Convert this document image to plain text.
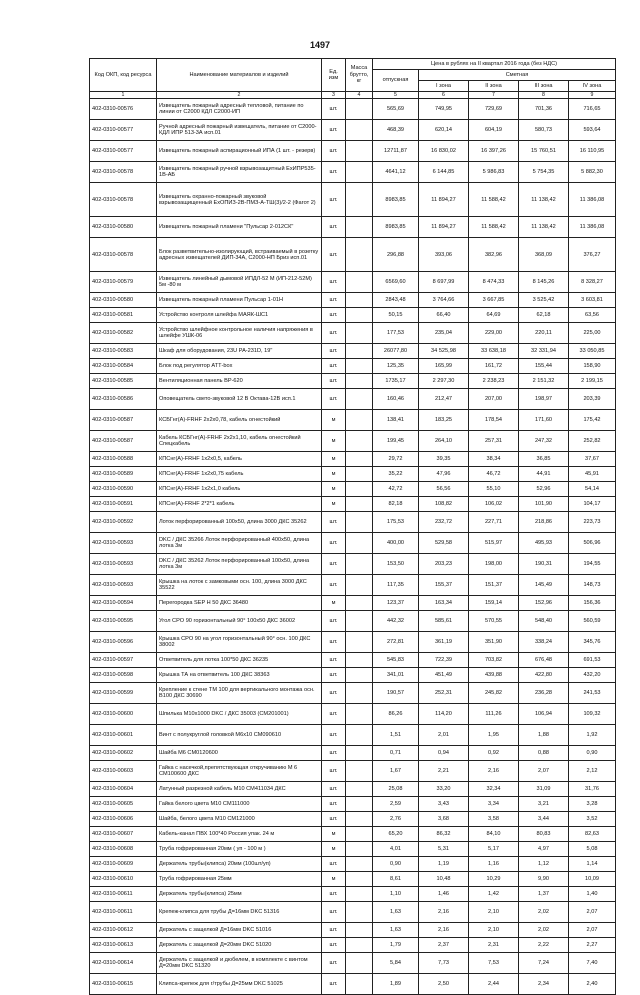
1497
Код ОКП, код ресурса	Наименование материалов и изделий	Ед. изм	Масса брутто, кг	Цена в рублях на II квартал 2016 года (без НДС)				
				отпускная	Сметная			
					I зона	II зона	III зона	IV зона
1	2	3	4	5	6	7	8	9
402-0310-00576	Извещатель пожарный адресный тепловой, питание по линии от С2000 КДЛ С2000-ИП	шт.		565,69	749,95	729,69	701,36	716,65
402-0310-00577	Ручной адресный пожарный извещатель, питание от С2000-КДЛ ИПР 513-3А исп.01	шт.		468,39	620,14	604,19	580,73	593,64
402-0310-00577	Извещатель пожарный аспирационный ИПА (1 шт. - резерв)	шт.		12711,87	16 830,02	16 397,26	15 760,51	16 110,95
402-0310-00578	Извещатель пожарный ручной взрывозащитный ЕхИПР535-1В-АБ	шт.		4641,12	6 144,85	5 986,83	5 754,35	5 882,30
402-0310-00578	Извещатель охранно-пожарный звуковой взрывозащищенный ЕхОПИЗ-2В-ПМЗ-А-ТШ(3)/2-2 (Фагот 2)	шт.		8983,85	11 894,27	11 588,42	11 138,42	11 386,08
402-0310-00580	Извещатель пожарный пламени "Пульсар 2-012СК"	шт.		8983,85	11 894,27	11 588,42	11 138,42	11 386,08
402-0310-00578	Блок разветвительно-изолирующий, встраиваемый в розетку адресных извещателей ДИП-34А, С2000-НП Бриз исп.01	шт.		296,88	393,06	382,96	368,09	376,27
402-0310-00579	Извещатель линейный дымовой ИПДЛ-52 М (ИП-212-52М) 5м -80 м	шт.		6569,60	8 697,99	8 474,33	8 145,26	8 328,27
402-0310-00580	Извещатель пожарный пламени Пульсар 1-01Н	шт.		2843,48	3 764,66	3 667,85	3 525,42	3 603,81
402-0310-00581	Устройство контроля шлейфа МАЯК-ШС1	шт.		50,15	66,40	64,69	62,18	63,56
402-0310-00582	Устройство шлейфное контрольное наличия напряжения в шлейфе УШК-06	шт.		177,53	235,04	229,00	220,11	225,00
402-0310-00583	Шкаф для оборудования, 23U РА-231D, 19"	шт.		26077,80	34 525,98	33 638,18	32 331,94	33 050,85
402-0310-00584	Блок под регулятор АТТ-box	шт.		125,35	165,99	161,72	155,44	158,90
402-0310-00585	Вентиляционная панель ВР-620	шт.		1735,17	2 297,30	2 238,23	2 151,32	2 199,15
402-0310-00586	Оповещатель свето-звуковой 12 В Октава-12В исп.1	шт.		160,46	212,47	207,00	198,97	203,39
402-0310-00587	КСБГнг(А)-FRHF 2х2х0,78, кабель огнестойкий	м		138,41	183,25	178,54	171,60	175,42
402-0310-00587	Кабель КСБГнг(А)-FRHF 2х2х1,10, кабель огнестойкий Спецкабель	м		199,45	264,10	257,31	247,32	252,82
402-0310-00588	КПСнг(А)-FRHF 1х2х0,5, кабель	м		29,72	39,35	38,34	36,85	37,67
402-0310-00589	КПСнг(А)-FRHF 1х2х0,75 кабель	м		35,22	47,96	46,72	44,91	45,91
402-0310-00590	КПСнг(А)-FRHF 1х2х1,0 кабель	м		42,72	56,56	55,10	52,96	54,14
402-0310-00591	КПСнг(А)-FRHF 2*2*1 кабель	м		82,18	108,82	106,02	101,90	104,17
402-0310-00592	Лоток перфорированный 100х50, длина 3000 ДКС 35262	шт.		175,53	232,72	227,71	218,86	223,73
402-0310-00593	DKC / ДКС 35266 Лоток перфорированный 400х50, длина лотка 3м	шт.		400,00	529,58	515,97	495,93	506,96
402-0310-00593	DKC / ДКС 35262 Лоток перфорированный 100х50, длина лотка 3м	шт.		153,50	203,23	198,00	190,31	194,55
402-0310-00593	Крышка на лоток с замковыми осн. 100, длина 3000 ДКС 35522	шт.		117,35	155,37	151,37	145,49	148,73
402-0310-00594	Перегородка SEP Н 50 ДКС 36480	м		123,37	163,34	159,14	152,96	156,36
402-0310-00595	Угол CPO 90 горизонтальный 90° 100х50 ДКС 36002	шт.		442,32	585,61	570,55	548,40	560,59
402-0310-00596	Крышка CPO 90 на угол горизонтальный 90° осн. 100 ДКС 38002	шт.		272,81	361,19	351,90	338,24	345,76
402-0310-00597	Ответвитель для лотка 100*50 ДКС 36235	шт.		545,83	722,39	703,82	676,48	691,53
402-0310-00598	Крышка ТА на ответвитель 100 ДКС 38363	шт.		341,01	451,49	439,88	422,80	432,20
402-0310-00599	Крепление к стене ТМ 100 для вертикального монтажа осн. В100 ДКС 30690	шт.		190,57	252,31	245,82	236,28	241,53
402-0310-00600	Шпилька М10х1000 DKC / ДКС 35003 (CM201001)	шт.		86,26	114,20	111,26	106,94	109,32
402-0310-00601	Винт с полукруглой головкой М6х10 СМ090610	шт.		1,51	2,01	1,95	1,88	1,92
402-0310-00602	Шайба М6 CM0120600	шт.		0,71	0,94	0,92	0,88	0,90
402-0310-00603	Гайка с насечкой,препятствующая откручиванию М 6 СМ100600 ДКС	шт.		1,67	2,21	2,16	2,07	2,12
402-0310-00604	Латунный разрезной кабель М10 CM411034 ДКС	шт.		25,08	33,20	32,34	31,09	31,76
402-0310-00605	Гайка белого цвета М10 CM111000	шт.		2,59	3,43	3,34	3,21	3,28
402-0310-00606	Шайба, белого цвета М10 CM121000	шт.		2,76	3,68	3,58	3,44	3,52
402-0310-00607	Кабель-канал ПВХ 100*40 Россия упак. 24 м	м		65,20	86,32	84,10	80,83	82,63
402-0310-00608	Труба гофрированная 20мм ( уп - 100 м )	м		4,01	5,31	5,17	4,97	5,08
402-0310-00609	Держатель трубы(клипса) 20мм (100шт/уп)	шт.		0,90	1,19	1,16	1,12	1,14
402-0310-00610	Труба гофрированная 25мм	м		8,61	10,48	10,29	9,90	10,09
402-0310-00611	Держатель трубы(клипса) 25мм	шт.		1,10	1,46	1,42	1,37	1,40
402-0310-00611	Крепеж-клипса для трубы Д=16мм DKC 51316	шт.		1,63	2,16	2,10	2,02	2,07
402-0310-00612	Держатель с защелкой Д=16мм DKC 51016	шт.		1,63	2,16	2,10	2,02	2,07
402-0310-00613	Держатель с защелкой Д=20мм DKC 51020	шт.		1,79	2,37	2,31	2,22	2,27
402-0310-00614	Держатель с защелкой и дюбелем, в комплекте с винтом Д=20мм DKC 51320	шт.		5,84	7,73	7,53	7,24	7,40
402-0310-00615	Клипса-крепеж для г/трубы Д=25мм DKC 51025	шт.		1,89	2,50	2,44	2,34	2,40
